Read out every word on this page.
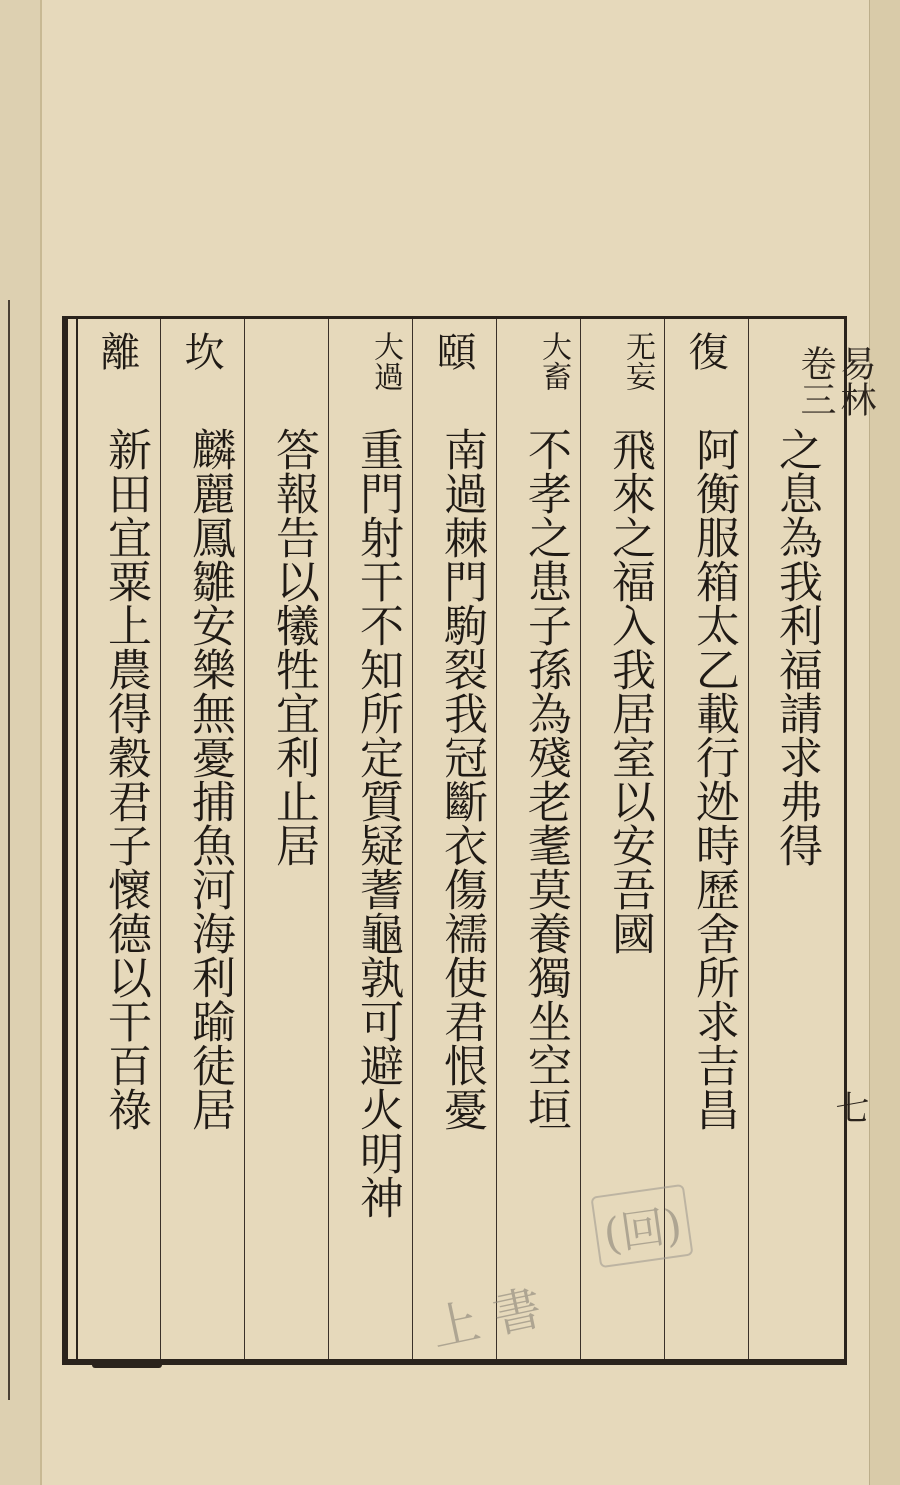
之息為我利福請求弗得
復
阿衡服箱太乙載行迯時歷舍所求吉昌
无妄
飛來之福入我居室以安吾國
大畜
不孝之患子孫為殘老耄莫養獨坐空垣
頤
南過棘門駒裂我冠斷衣傷襦使君恨憂
大過
重門射干不知所定質疑蓍龜孰可避火明神
答報告以犧牲宜利止居
坎
麟麗鳳雛安樂無憂捕魚河海利踰徒居
離
新田宜粟上農得穀君子懷德以干百祿
易林
卷三
七
(回)
上 書
